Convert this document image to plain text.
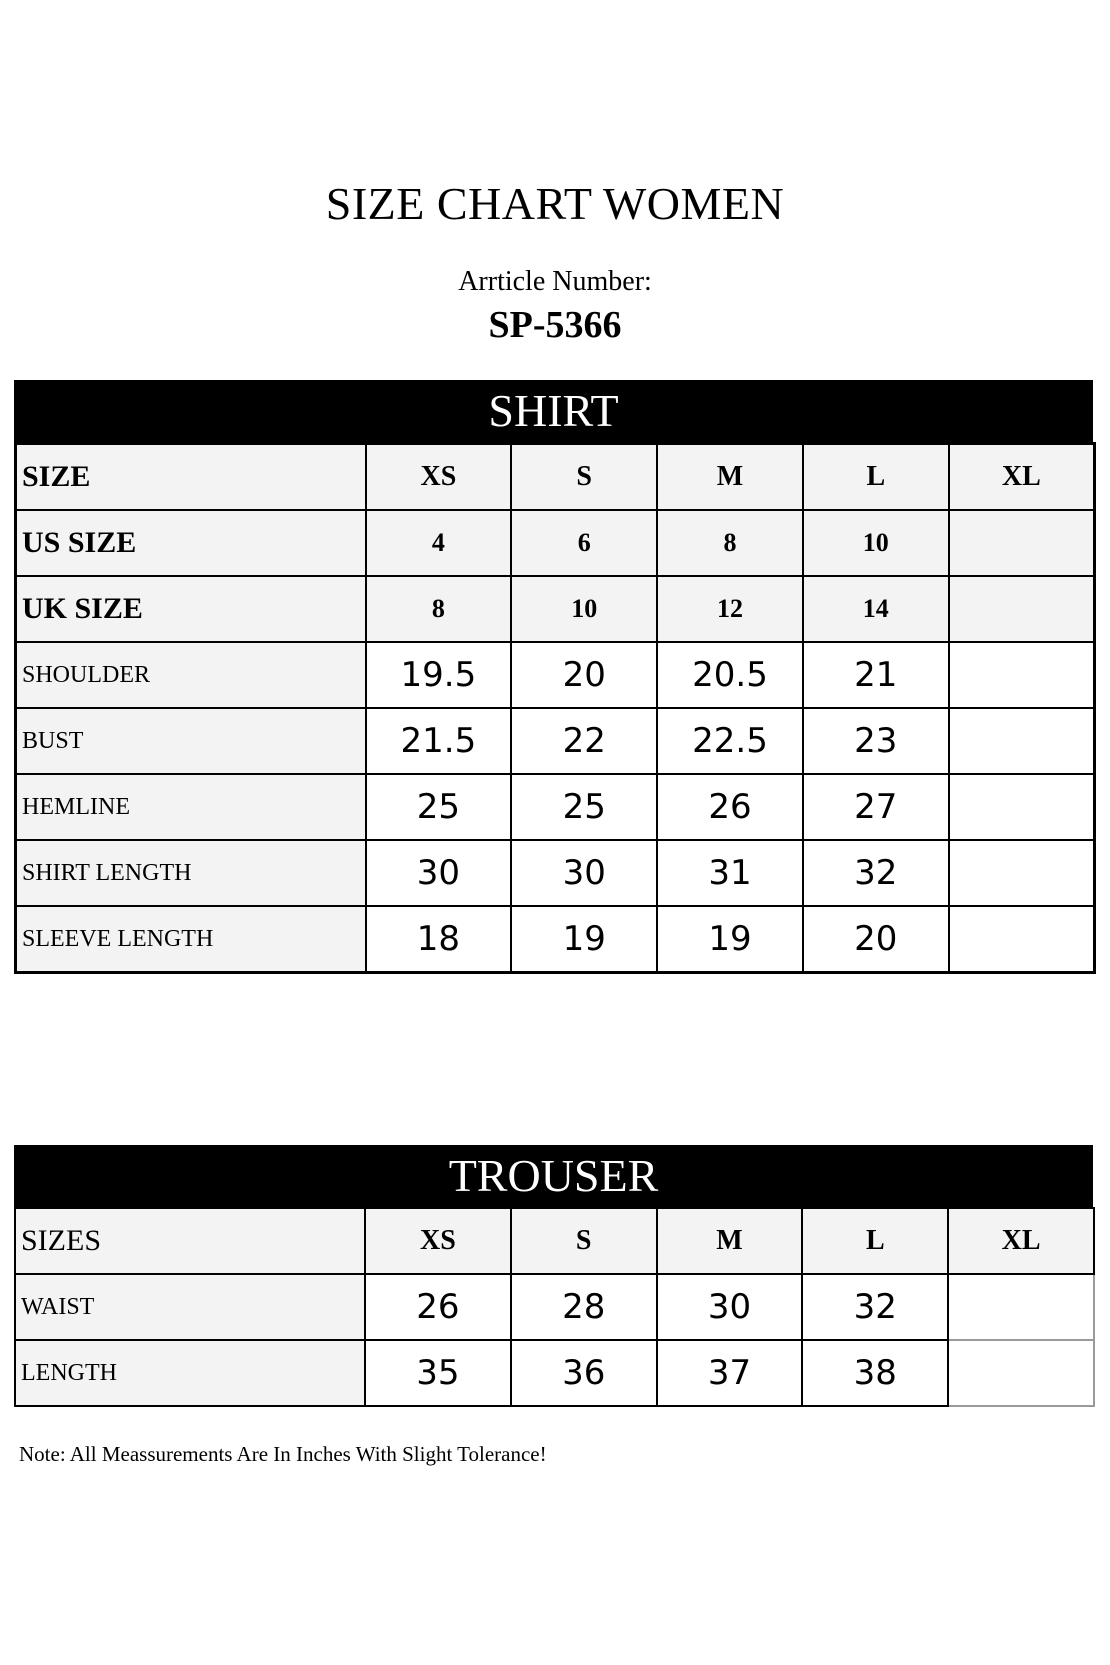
SIZE CHART WOMEN
Arrticle Number:
SP-5366
SHIRT
SIZE	XS	S	M	L	XL
US SIZE	4	6	8	10	
UK SIZE	8	10	12	14	
SHOULDER	19.5	20	20.5	21	
BUST	21.5	22	22.5	23	
HEMLINE	25	25	26	27	
SHIRT LENGTH	30	30	31	32	
SLEEVE LENGTH	18	19	19	20	
TROUSER
SIZES	XS	S	M	L	XL
WAIST	26	28	30	32	
LENGTH	35	36	37	38	
Note: All Meassurements Are In Inches With Slight Tolerance!
